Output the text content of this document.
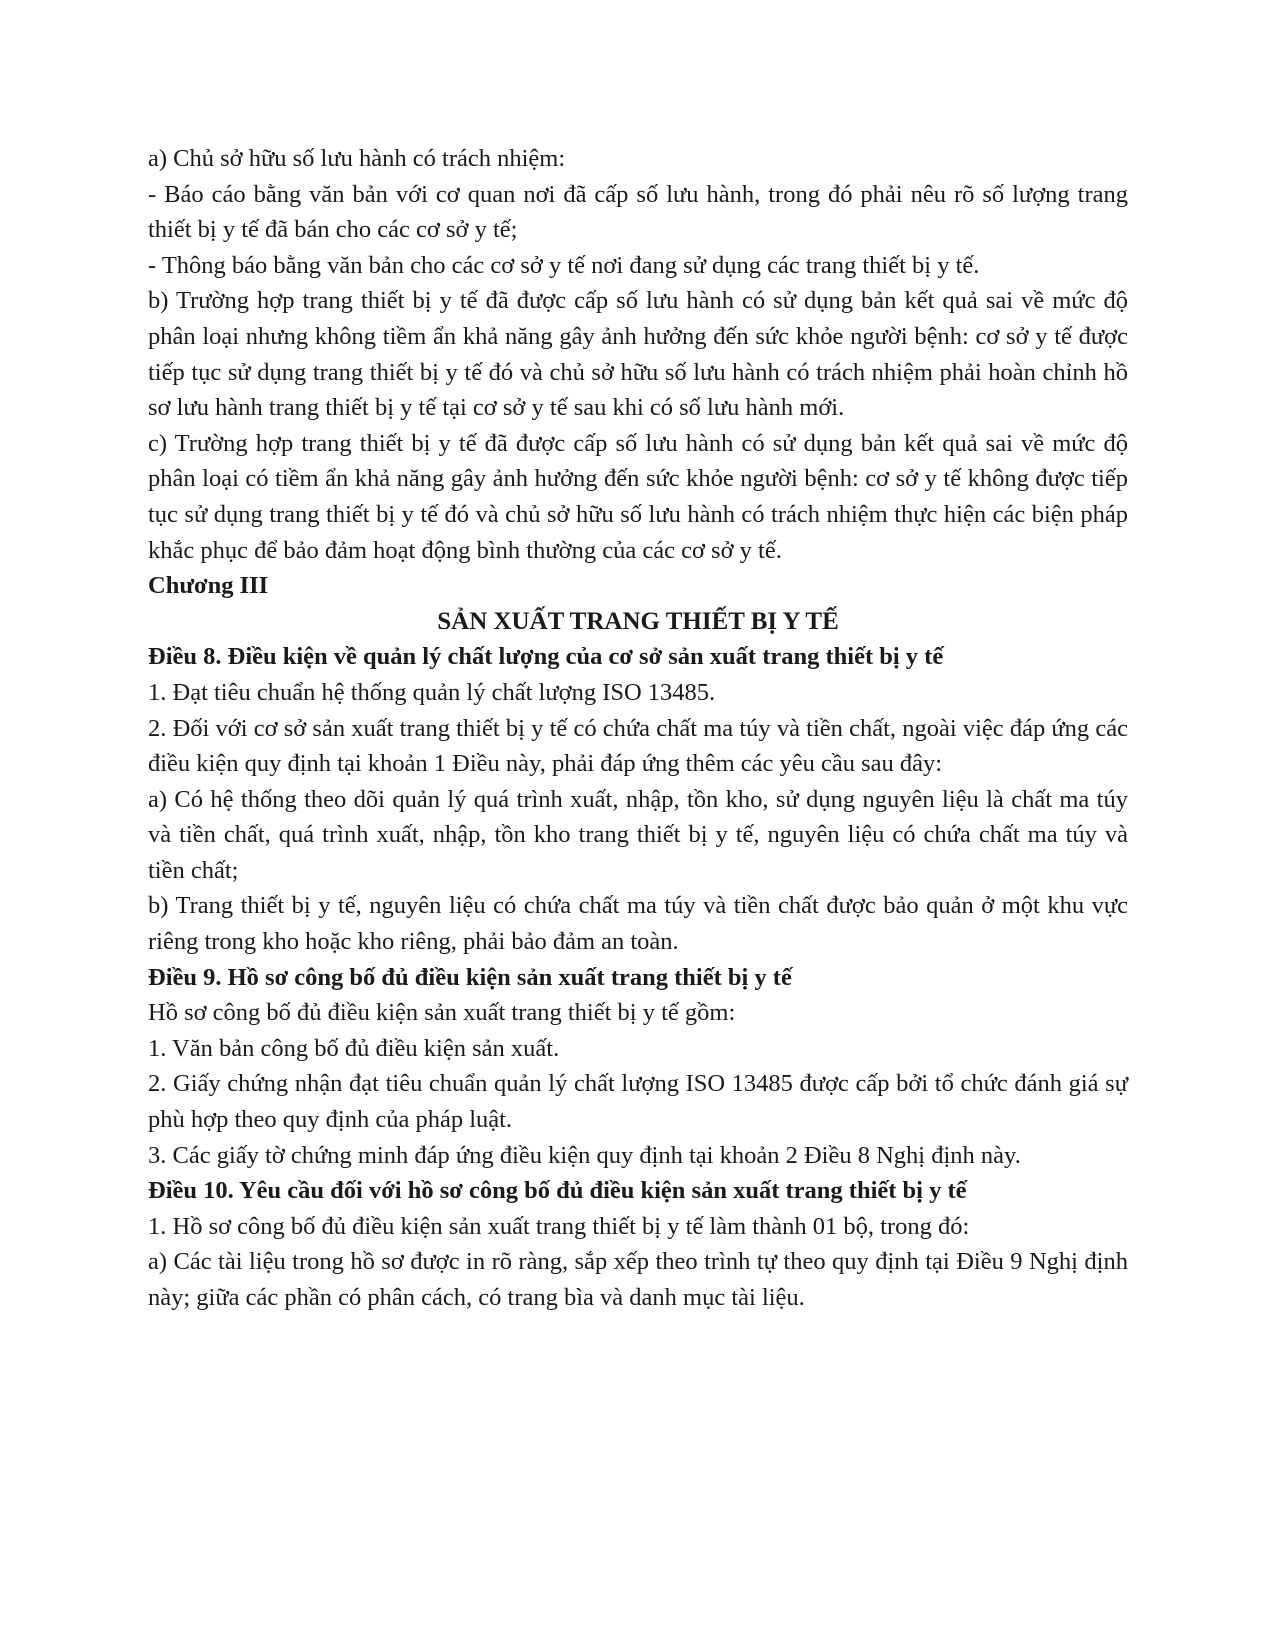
a) Chủ sở hữu số lưu hành có trách nhiệm:

- Báo cáo bằng văn bản với cơ quan nơi đã cấp số lưu hành, trong đó phải nêu rõ số lượng trang thiết bị y tế đã bán cho các cơ sở y tế;

- Thông báo bằng văn bản cho các cơ sở y tế nơi đang sử dụng các trang thiết bị y tế.

b) Trường hợp trang thiết bị y tế đã được cấp số lưu hành có sử dụng bản kết quả sai về mức độ phân loại nhưng không tiềm ẩn khả năng gây ảnh hưởng đến sức khỏe người bệnh: cơ sở y tế được tiếp tục sử dụng trang thiết bị y tế đó và chủ sở hữu số lưu hành có trách nhiệm phải hoàn chỉnh hồ sơ lưu hành trang thiết bị y tế tại cơ sở y tế sau khi có số lưu hành mới.

c) Trường hợp trang thiết bị y tế đã được cấp số lưu hành có sử dụng bản kết quả sai về mức độ phân loại có tiềm ẩn khả năng gây ảnh hưởng đến sức khỏe người bệnh: cơ sở y tế không được tiếp tục sử dụng trang thiết bị y tế đó và chủ sở hữu số lưu hành có trách nhiệm thực hiện các biện pháp khắc phục để bảo đảm hoạt động bình thường của các cơ sở y tế.

Chương III

SẢN XUẤT TRANG THIẾT BỊ Y TẾ

Điều 8. Điều kiện về quản lý chất lượng của cơ sở sản xuất trang thiết bị y tế

1. Đạt tiêu chuẩn hệ thống quản lý chất lượng ISO 13485.

2. Đối với cơ sở sản xuất trang thiết bị y tế có chứa chất ma túy và tiền chất, ngoài việc đáp ứng các điều kiện quy định tại khoản 1 Điều này, phải đáp ứng thêm các yêu cầu sau đây:

a) Có hệ thống theo dõi quản lý quá trình xuất, nhập, tồn kho, sử dụng nguyên liệu là chất ma túy và tiền chất, quá trình xuất, nhập, tồn kho trang thiết bị y tế, nguyên liệu có chứa chất ma túy và tiền chất;

b) Trang thiết bị y tế, nguyên liệu có chứa chất ma túy và tiền chất được bảo quản ở một khu vực riêng trong kho hoặc kho riêng, phải bảo đảm an toàn.

Điều 9. Hồ sơ công bố đủ điều kiện sản xuất trang thiết bị y tế

Hồ sơ công bố đủ điều kiện sản xuất trang thiết bị y tế gồm:

1. Văn bản công bố đủ điều kiện sản xuất.

2. Giấy chứng nhận đạt tiêu chuẩn quản lý chất lượng ISO 13485 được cấp bởi tổ chức đánh giá sự phù hợp theo quy định của pháp luật.

3. Các giấy tờ chứng minh đáp ứng điều kiện quy định tại khoản 2 Điều 8 Nghị định này.

Điều 10. Yêu cầu đối với hồ sơ công bố đủ điều kiện sản xuất trang thiết bị y tế

1. Hồ sơ công bố đủ điều kiện sản xuất trang thiết bị y tế làm thành 01 bộ, trong đó:

a) Các tài liệu trong hồ sơ được in rõ ràng, sắp xếp theo trình tự theo quy định tại Điều 9 Nghị định này; giữa các phần có phân cách, có trang bìa và danh mục tài liệu.
